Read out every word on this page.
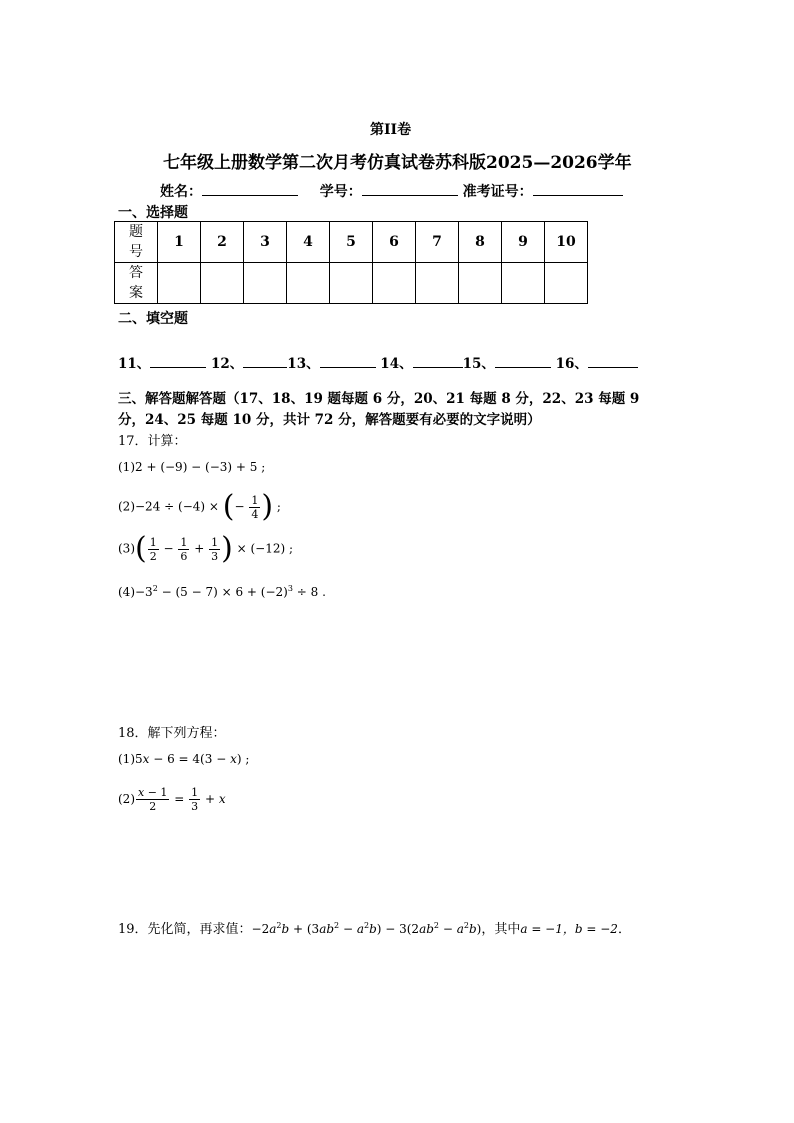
第II卷
七年级上册数学第二次月考仿真试卷苏科版2025—2026学年
姓名：	学号：	准考证号：
一、选择题
题
号	1	2	3	4	5	6	7	8	9	10
答
案										
二、填空题
11、	12、	13、	14、	15、	16、
三、解答题解答题（17、18、19 题每题 6 分，20、21 每题 8 分，22、23 每题 9
分，24、25 每题 10 分，共计 72 分，解答题要有必要的文字说明）
17．计算：
(1)2 + (−9) − (−3) + 5 ;
(2)−24 ÷ (−4) × (− $\frac{1}{4}$ ) ;
$(3)( \frac{1}{2} - \frac{1}{6} + \frac{1}{3}$ ) × (−12) ;
$(4)-3^2 - (5 - 7) \times 6 + (-2)^3 \div 8$ .
18．解下列方程：
(1)5x − 6 = 4(3 − x) ;
$(2) \frac{x - 1}{2} = \frac{1}{3} + x$
19．先化简，再求值：$-2a^2b + (3ab^2 - a^2b) - 3(2ab^2 - a^2b)$，其中a = −1，b = −2．
